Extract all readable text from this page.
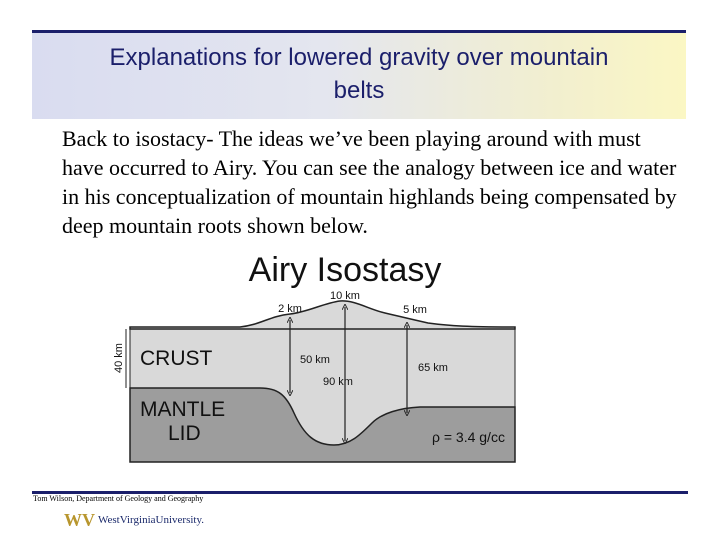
Explanations for lowered gravity over mountain
belts
Back to isostacy- The ideas we’ve been playing around with must have occurred to Airy. You can see the analogy between ice and water in his conceptualization of mountain highlands being compensated by deep mountain roots shown below.
Airy Isostasy
40 km
2 km
10 km
5 km
50 km
90 km
65 km
CRUST
MANTLE
LID	ρ = 3.4 g/cc
Tom Wilson, Department of Geology and Geography
WV WestVirginiaUniversity.
